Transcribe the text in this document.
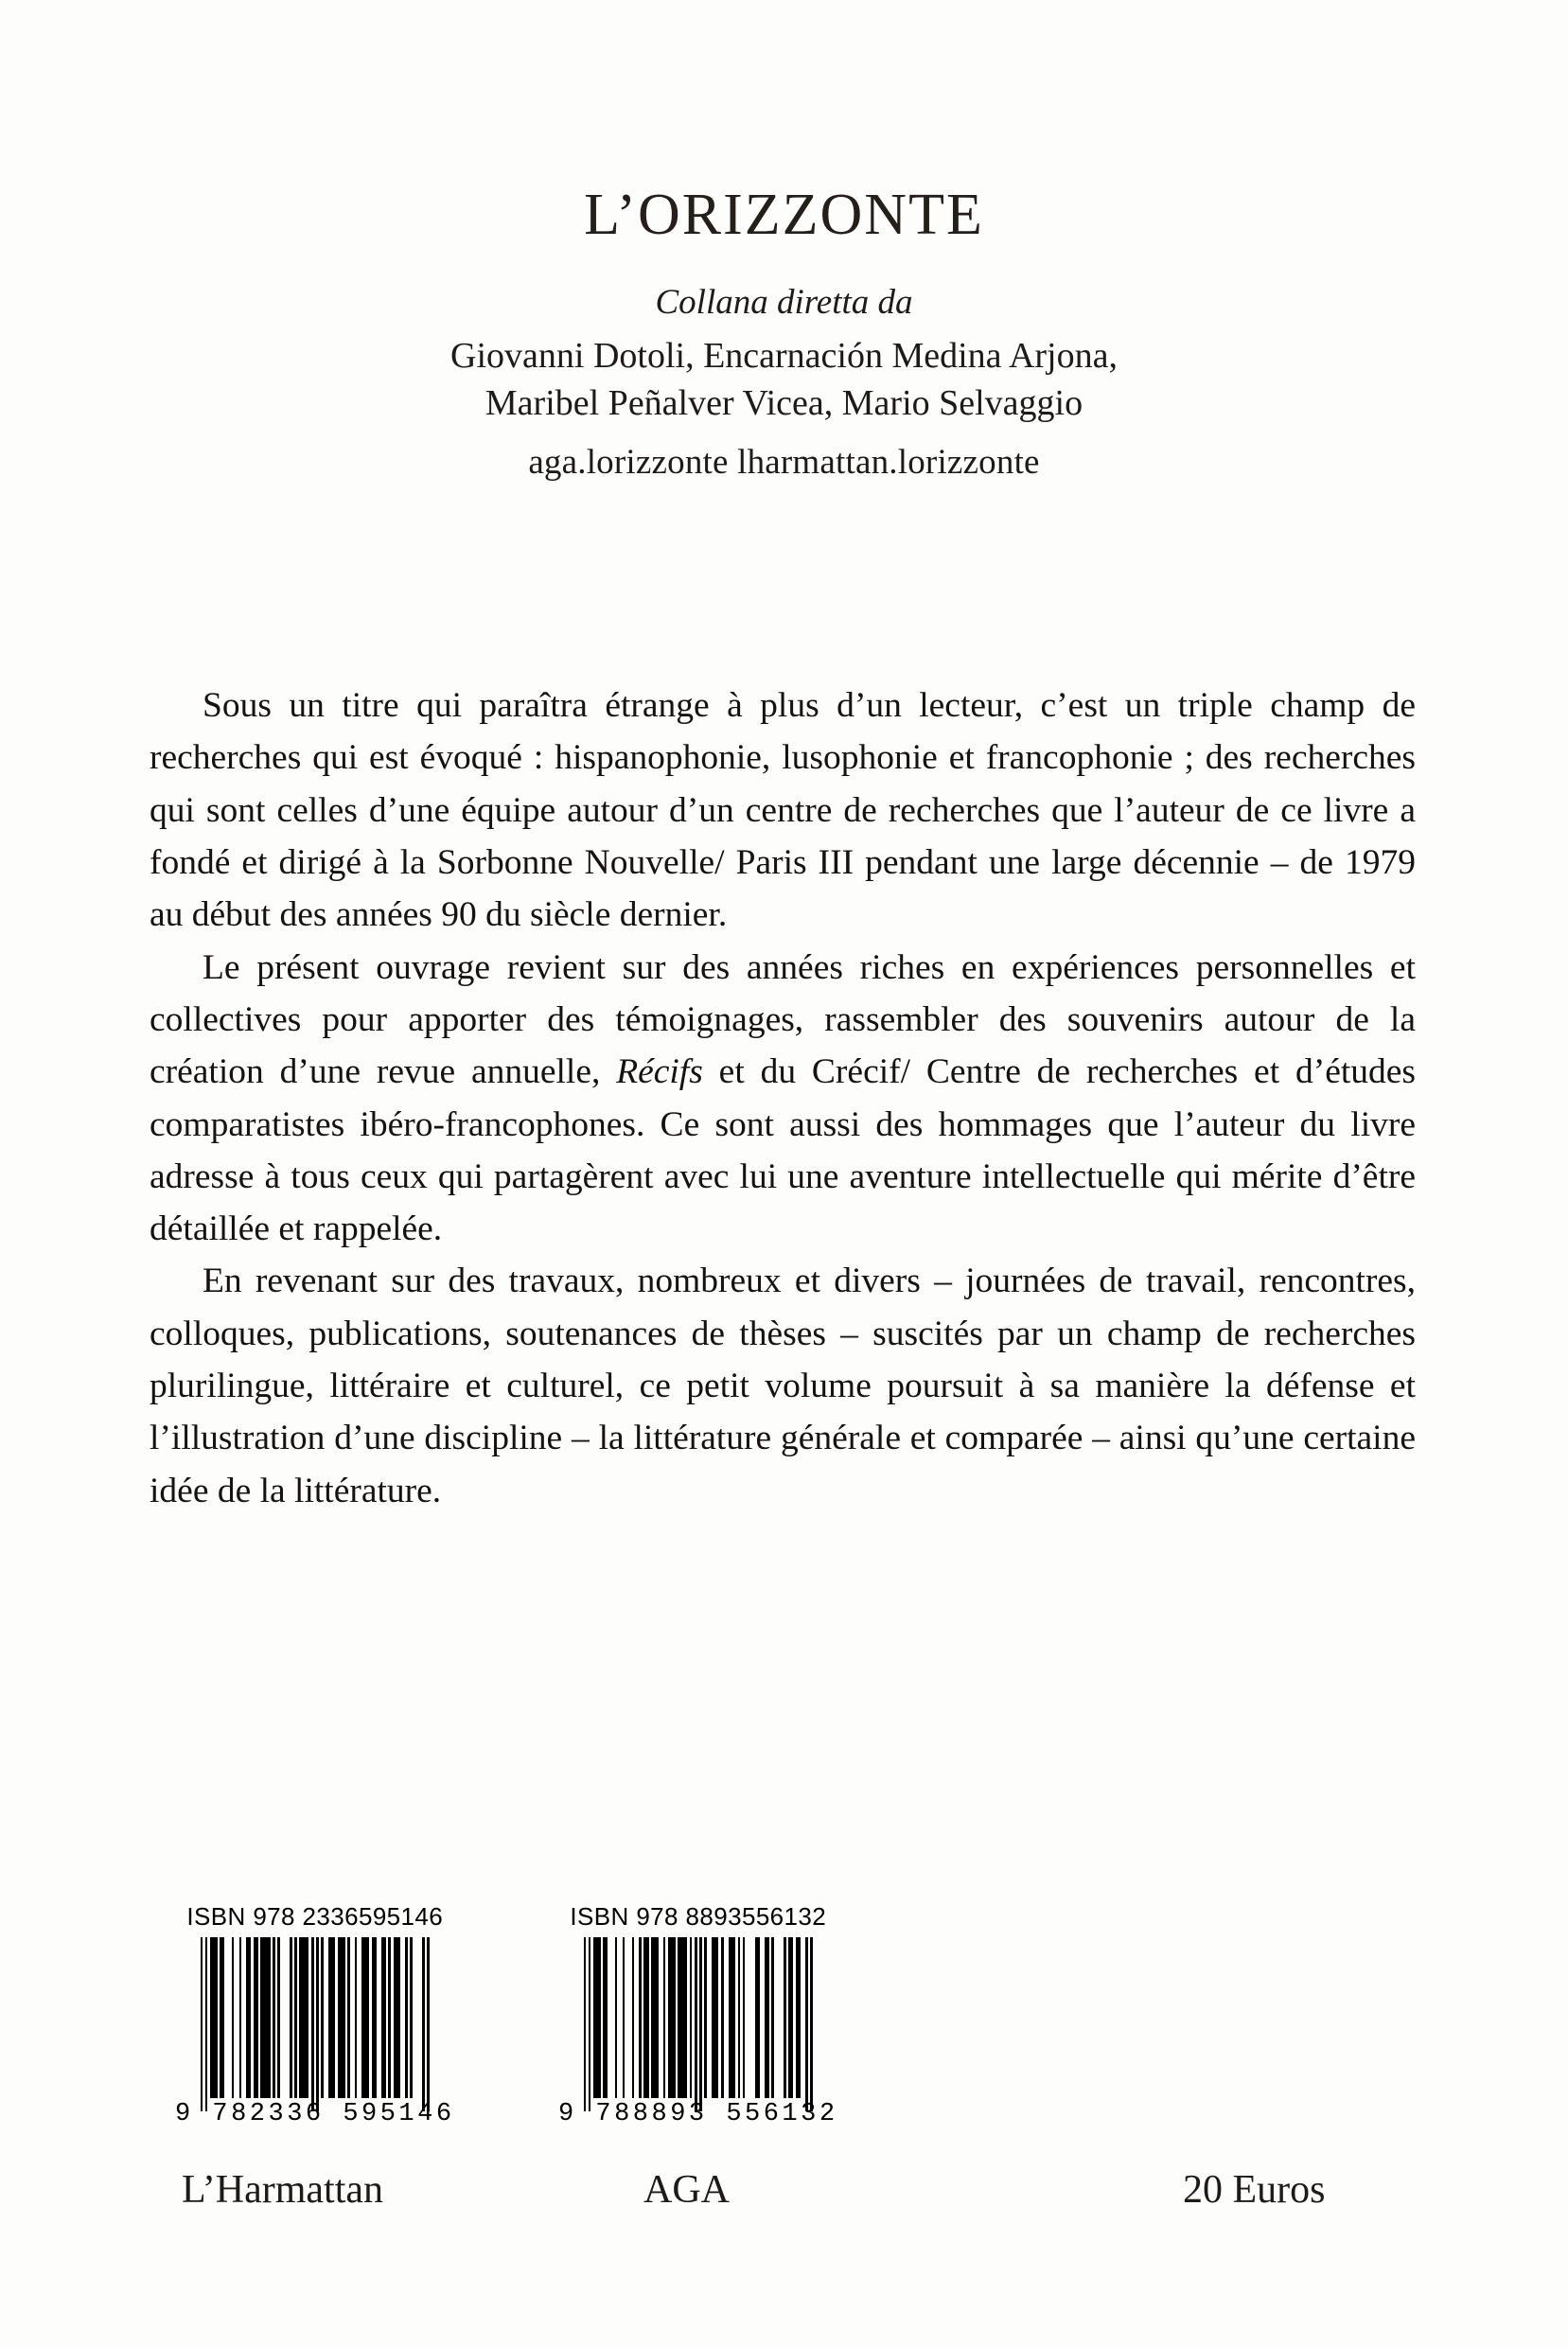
L’ORIZZONTE
Collana diretta da
Giovanni Dotoli, Encarnación Medina Arjona,
Maribel Peñalver Vicea, Mario Selvaggio
aga.lorizzonte lharmattan.lorizzonte

Sous un titre qui paraîtra étrange à plus d’un lecteur, c’est un triple champ de recherches qui est évoqué : hispanophonie, lusophonie et francophonie ; des recherches qui sont celles d’une équipe autour d’un centre de recherches que l’auteur de ce livre a fondé et dirigé à la Sorbonne Nouvelle/ Paris III pendant une large décennie – de 1979 au début des années 90 du siècle dernier.

Le présent ouvrage revient sur des années riches en expériences personnelles et collectives pour apporter des témoignages, rassembler des souvenirs autour de la création d’une revue annuelle, Récifs et du Crécif/ Centre de recherches et d’études comparatistes ibéro-francophones. Ce sont aussi des hommages que l’auteur du livre adresse à tous ceux qui partagèrent avec lui une aventure intellectuelle qui mérite d’être détaillée et rappelée.

En revenant sur des travaux, nombreux et divers – journées de travail, rencontres, colloques, publications, soutenances de thèses – suscités par un champ de recherches plurilingue, littéraire et culturel, ce petit volume poursuit à sa manière la défense et l’illustration d’une discipline – la littérature générale et comparée – ainsi qu’une certaine idée de la littérature.

ISBN 978 2336595146
9 782336 595146
ISBN 978 8893556132
9 788893 556132
L’Harmattan	AGA	20 Euros
